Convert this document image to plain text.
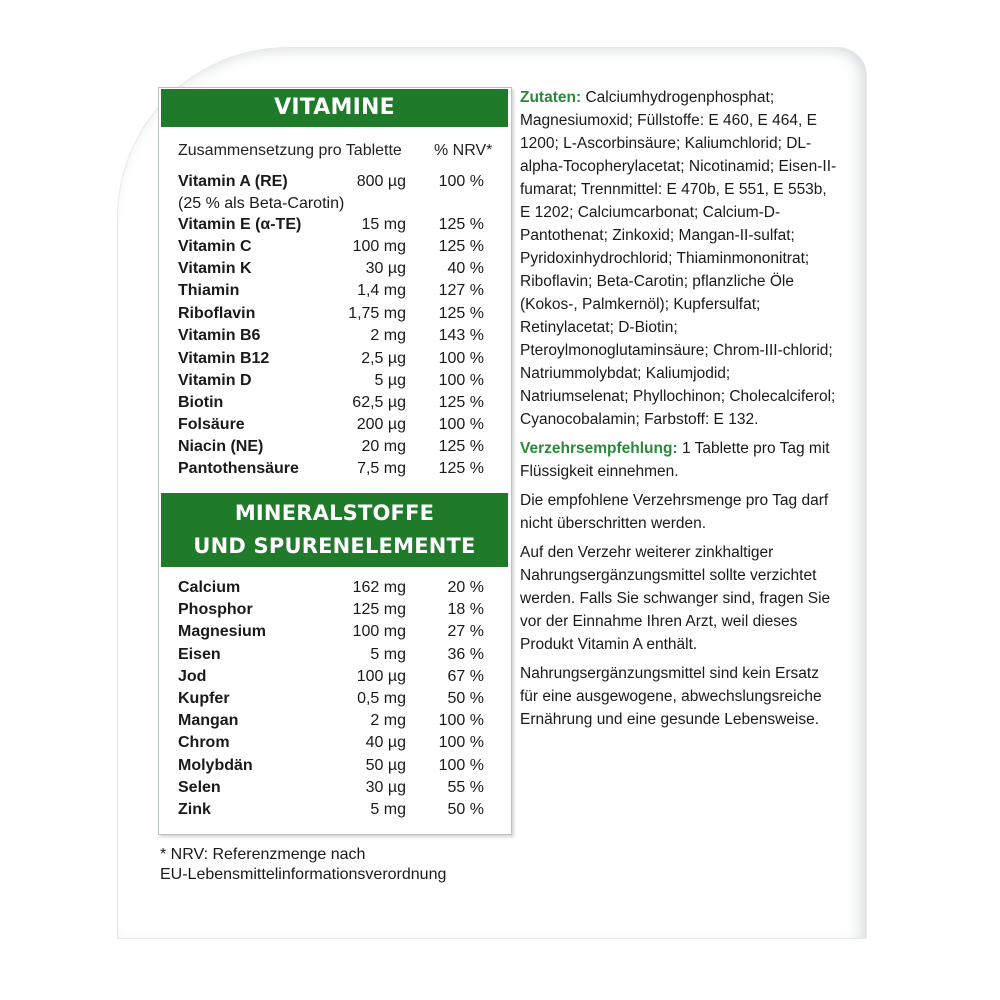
VITAMINE
Zusammensetzung pro Tablette % NRV*
Vitamin A (RE)	800 µg 100 %
Vitamin E (α-TE)	15 mg 125 %
Vitamin C	100 mg 125 %
Vitamin K	30 µg	40 %
Thiamin	1,4 mg 127 %
Riboflavin	1,75 mg 125 %
Vitamin B6	2 mg 143 %
Vitamin B12	2,5 µg 100 %
Vitamin D	5 µg 100 %
Biotin	62,5 µg 125 %
Folsäure	200 µg 100 %
Niacin (NE)	20 mg 125 %
Pantothensäure	7,5 mg 125 %
(25 % als Beta-Carotin)
MINERALSTOFFE
UND SPURENELEMENTE
Calcium	162 mg	20 %
Phosphor	125 mg	18 %
Magnesium	100 mg	27 %
Eisen	5 mg	36 %
Jod	100 µg	67 %
Kupfer	0,5 mg	50 %
Mangan	2 mg 100 %
Chrom	40 µg 100 %
Molybdän	50 µg 100 %
Selen	30 µg	55 %
Zink	5 mg	50 %
* NRV: Referenzmenge nach
EU-Lebensmittelinformationsverordnung

Zutaten: Calciumhydrogenphosphat; Magnesiumoxid; Füllstoffe: E 460, E 464, E 1200; L-Ascorbinsäure; Kaliumchlorid; DL-alpha-Tocopherylacetat; Nicotinamid; Eisen-II-fumarat; Trennmittel: E 470b, E 551, E 553b, E 1202; Calciumcarbonat; Calcium-D-Pantothenat; Zinkoxid; Mangan-II-sulfat; Pyridoxinhydrochlorid; Thiaminmononitrat; Riboflavin; Beta-Carotin; pflanzliche Öle (Kokos-, Palmkernöl); Kupfersulfat; Retinylacetat; D-Biotin; Pteroylmonoglutaminsäure; Chrom-III-chlorid; Natriummolybdat; Kaliumjodid; Natriumselenat; Phyllochinon; Cholecalciferol; Cyanocobalamin; Farbstoff: E 132.

Verzehrsempfehlung: 1 Tablette pro Tag mit Flüssigkeit einnehmen.

Die empfohlene Verzehrsmenge pro Tag darf nicht überschritten werden.

Auf den Verzehr weiterer zinkhaltiger Nahrungsergänzungsmittel sollte verzichtet werden. Falls Sie schwanger sind, fragen Sie vor der Einnahme Ihren Arzt, weil dieses Produkt Vitamin A enthält.

Nahrungsergänzungsmittel sind kein Ersatz für eine ausgewogene, abwechslungsreiche Ernährung und eine gesunde Lebensweise.
